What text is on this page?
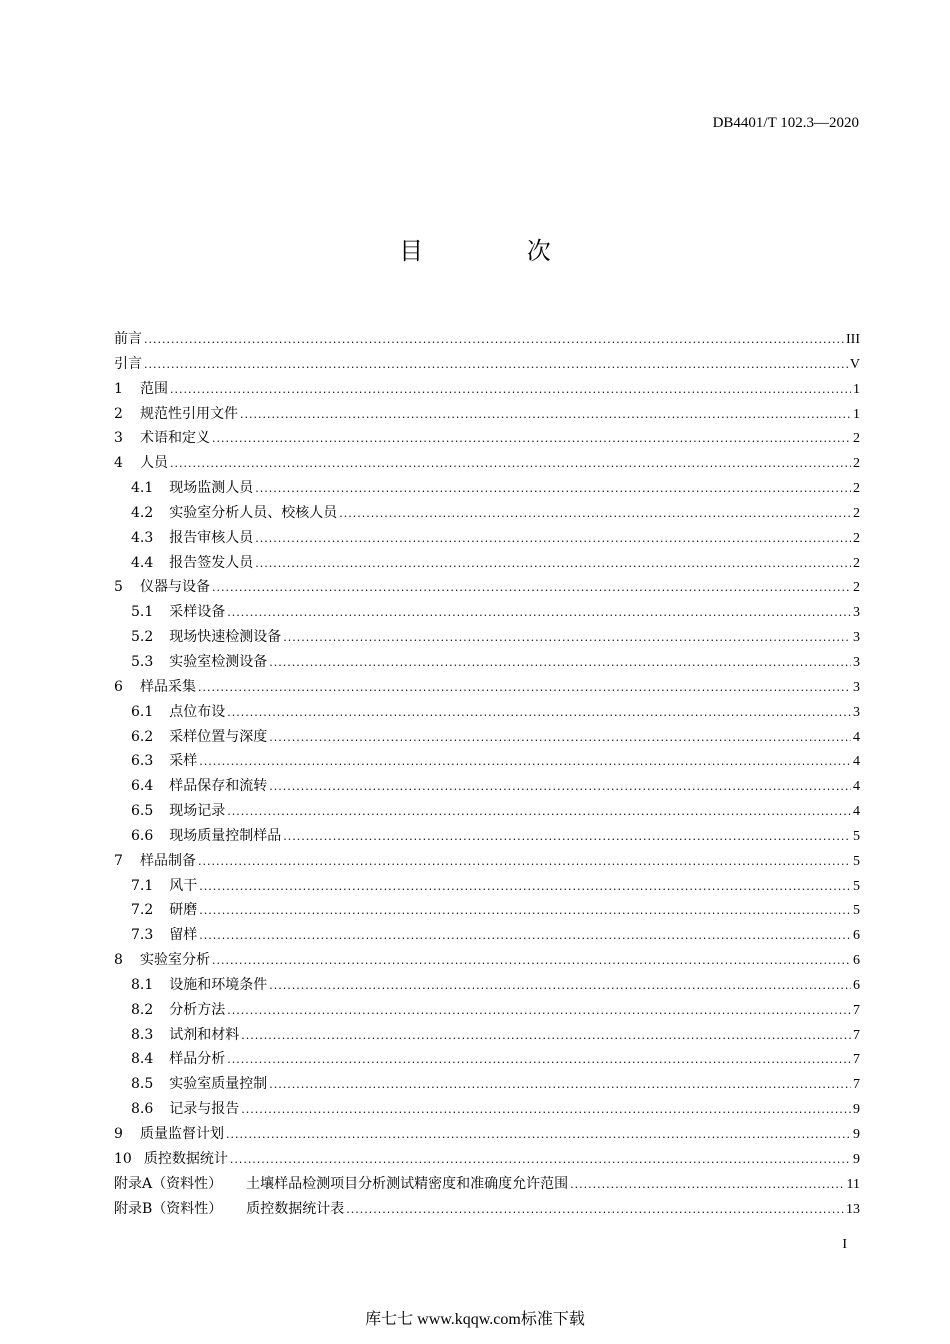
DB4401/T 102.3—2020
目 次
前言 .....	III
引言 .....	V
1	范围 .....	1
2	规范性引用文件 .....	1
3	术语和定义 .....	2
4	人员 .....	2
4.1 现场监测人员 .....	2
4.2 实验室分析人员、校核人员 .....	2
4.3 报告审核人员 .....	2
4.4 报告签发人员 .....	2
5	仪器与设备 .....	2
5.1 采样设备 .....	3
5.2 现场快速检测设备 .....	3
5.3 实验室检测设备 .....	3
6	样品采集 .....	3
6.1 点位布设 .....	3
6.2 采样位置与深度 .....	4
6.3 采样 .....	4
6.4 样品保存和流转 .....	4
6.5 现场记录 .....	4
6.6 现场质量控制样品 .....	5
7	样品制备 .....	5
7.1 风干 .....	5
7.2 研磨 .....	5
7.3 留样 .....	6
8	实验室分析 .....	6
8.1 设施和环境条件 .....	6
8.2 分析方法 .....	7
8.3 试剂和材料 .....	7
8.4 样品分析 .....	7
8.5 实验室质量控制 .....	7
8.6 记录与报告 .....	9
9	质量监督计划 .....	9
10 质控数据统计 .....	9
附录A（资料性） 土壤样品检测项目分析测试精密度和准确度允许范围 .....	11
附录B（资料性） 质控数据统计表 .....	13
I
库七七 www.kqqw.com标准下载
